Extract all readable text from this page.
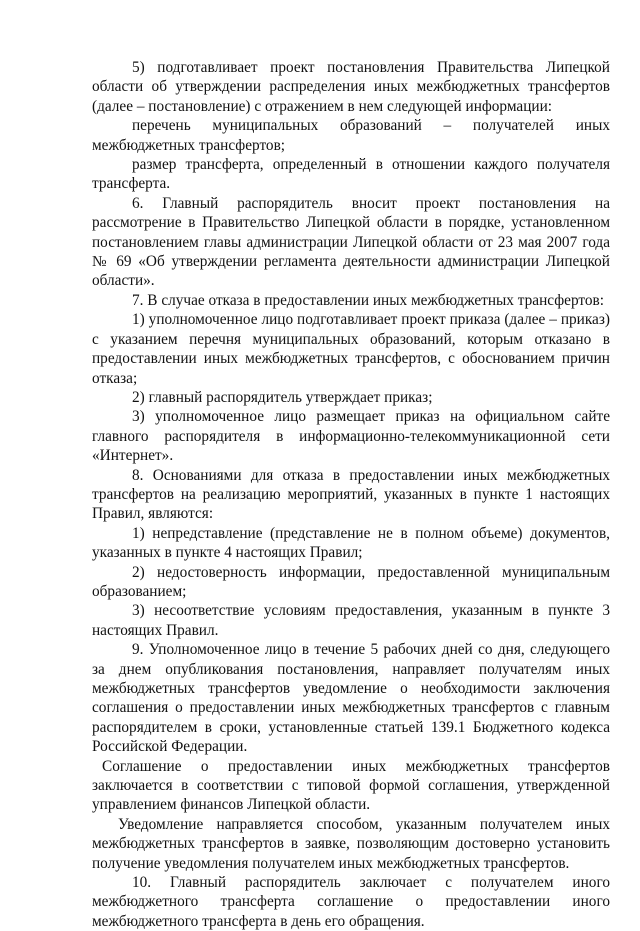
5) подготавливает проект постановления Правительства Липецкой области об утверждении распределения иных межбюджетных трансфертов (далее – постановление) с отражением в нем следующей информации:

перечень муниципальных образований – получателей иных межбюджетных трансфертов;

размер трансферта, определенный в отношении каждого получателя трансферта.

6. Главный распорядитель вносит проект постановления на рассмотрение в Правительство Липецкой области в порядке, установленном постановлением главы администрации Липецкой области от 23 мая 2007 года № 69 «Об утверждении регламента деятельности администрации Липецкой области».

7. В случае отказа в предоставлении иных межбюджетных трансфертов:

1) уполномоченное лицо подготавливает проект приказа (далее – приказ) с указанием перечня муниципальных образований, которым отказано в предоставлении иных межбюджетных трансфертов, с обоснованием причин отказа;

2) главный распорядитель утверждает приказ;

3) уполномоченное лицо размещает приказ на официальном сайте главного распорядителя в информационно-телекоммуникационной сети «Интернет».

8. Основаниями для отказа в предоставлении иных межбюджетных трансфертов на реализацию мероприятий, указанных в пункте 1 настоящих Правил, являются:

1) непредставление (представление не в полном объеме) документов, указанных в пункте 4 настоящих Правил;

2) недостоверность информации, предоставленной муниципальным образованием;

3) несоответствие условиям предоставления, указанным в пункте 3 настоящих Правил.

9. Уполномоченное лицо в течение 5 рабочих дней со дня, следующего за днем опубликования постановления, направляет получателям иных межбюджетных трансфертов уведомление о необходимости заключения соглашения о предоставлении иных межбюджетных трансфертов с главным распорядителем в сроки, установленные статьей 139.1 Бюджетного кодекса Российской Федерации.

Соглашение о предоставлении иных межбюджетных трансфертов заключается в соответствии с типовой формой соглашения, утвержденной управлением финансов Липецкой области.

Уведомление направляется способом, указанным получателем иных межбюджетных трансфертов в заявке, позволяющим достоверно установить получение уведомления получателем иных межбюджетных трансфертов.

10. Главный распорядитель заключает с получателем иного межбюджетного трансферта соглашение о предоставлении иного межбюджетного трансферта в день его обращения.
